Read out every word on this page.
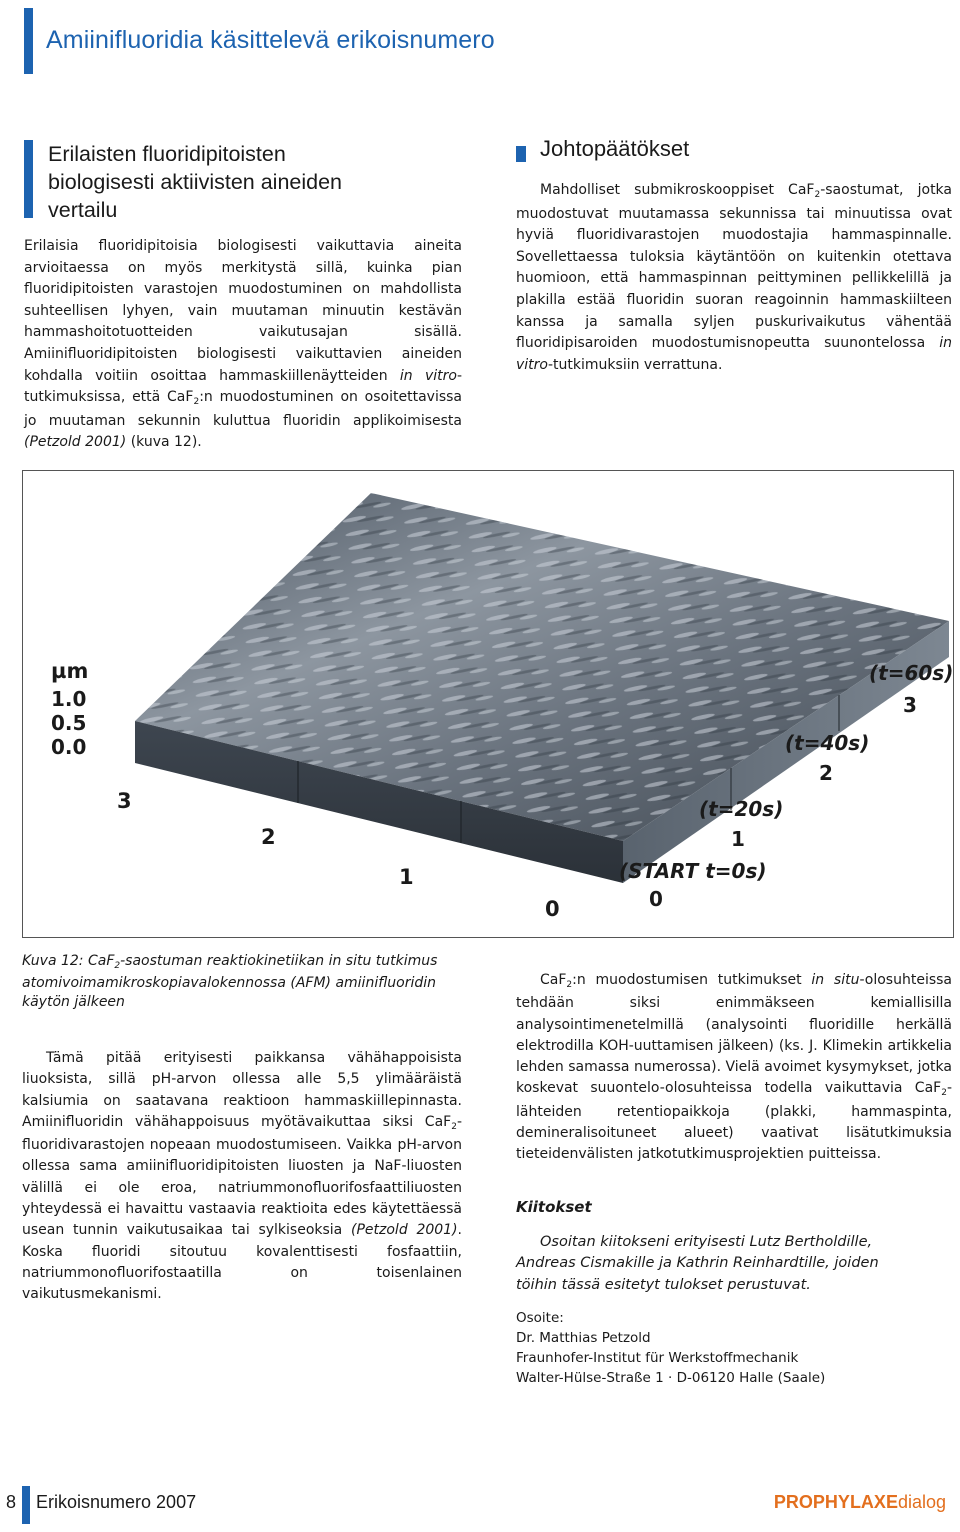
Amiinifluoridia käsittelevä erikoisnumero
Erilaisten fluoridipitoisten
biologisesti aktiivisten aineiden
vertailu

Erilaisia fluoridipitoisia biologisesti vaikuttavia aineita arvioitaessa on myös merkitystä sillä, kuinka pian fluoridipitoisten varastojen muodostuminen on mahdollista suhteellisen lyhyen, vain muutaman minuutin kestävän hammashoitotuotteiden vaikutusajan sisällä. Amiinifluoridipitoisten biologisesti vaikuttavien aineiden kohdalla voitiin osoittaa hammaskiillenäytteiden in vitro-tutkimuksissa, että CaF$_2$:n muodostuminen on osoitettavissa jo muutaman sekunnin kuluttua fluoridin applikoimisesta (Petzold 2001) (kuva 12).

Johtopäätökset

Mahdolliset submikroskooppiset CaF$_2$-saostumat, jotka muodostuvat muutamassa sekunnissa tai minuutissa ovat hyviä fluoridivarastojen muodostajia hammaspinnalle. Sovellettaessa tuloksia käytäntöön on kuitenkin otettava huomioon, että hammaspinnan peittyminen pellikkelillä ja plakilla estää fluoridin suoran reagoinnin hammaskiilteen kanssa ja samalla syljen puskurivaikutus vähentää fluoridipisaroiden muodostumisnopeutta suunontelossa in vitro-tutkimuksiin verrattuna.

µm
1.0
0.5
0.0
3
2
1
0
(t=60s)
3
(t=40s)
2
(t=20s)
1
(START t=0s)
0
Kuva 12: CaF$_2$-saostuman reaktiokinetiikan in situ tutkimus atomivoimamikroskopiavalokennossa (AFM) amiinifluoridin käytön jälkeen

Tämä pitää erityisesti paikkansa vähähappoisista liuoksista, sillä pH-arvon ollessa alle 5,5 ylimääräistä kalsiumia on saatavana reaktioon hammaskiillepinnasta. Amiinifluoridin vähähappoisuus myötävaikuttaa siksi CaF$_2$-fluoridivarastojen nopeaan muodostumiseen. Vaikka pH-arvon ollessa sama amiinifluoridipitoisten liuosten ja NaF-liuosten välillä ei ole eroa, natriummonofluorifosfaattiliuosten yhteydessä ei havaittu vastaavia reaktioita edes käytettäessä usean tunnin vaikutusaikaa tai sylkiseoksia (Petzold 2001). Koska fluoridi sitoutuu kovalenttisesti fosfaattiin, natriummonofluorifostaatilla on toisenlainen vaikutusmekanismi.

CaF$_2$:n muodostumisen tutkimukset in situ-olosuhteissa tehdään siksi enimmäkseen kemiallisilla analysointimenetelmillä (analysointi fluoridille herkällä elektrodilla KOH-uuttamisen jälkeen) (ks. J. Klimekin artikkelia lehden samassa numerossa). Vielä avoimet kysymykset, jotka koskevat suuontelo-olosuhteissa todella vaikuttavia CaF$_2$-lähteiden retentiopaikkoja (plakki, hammaspinta, demineralisoituneet alueet) vaativat lisätutkimuksia tieteidenvälisten jatkotutkimusprojektien puitteissa.

Kiitokset
Osoitan kiitokseni erityisesti Lutz Bertholdille, Andreas Cismakille ja Kathrin Reinhardtille, joiden töihin tässä esitetyt tulokset perustuvat.
Osoite:
Dr. Matthias Petzold
Fraunhofer-Institut für Werkstoffmechanik
Walter-Hülse-Straße 1 · D-06120 Halle (Saale)
8 Erikoisnumero 2007	PROPHYLAXEdialog
